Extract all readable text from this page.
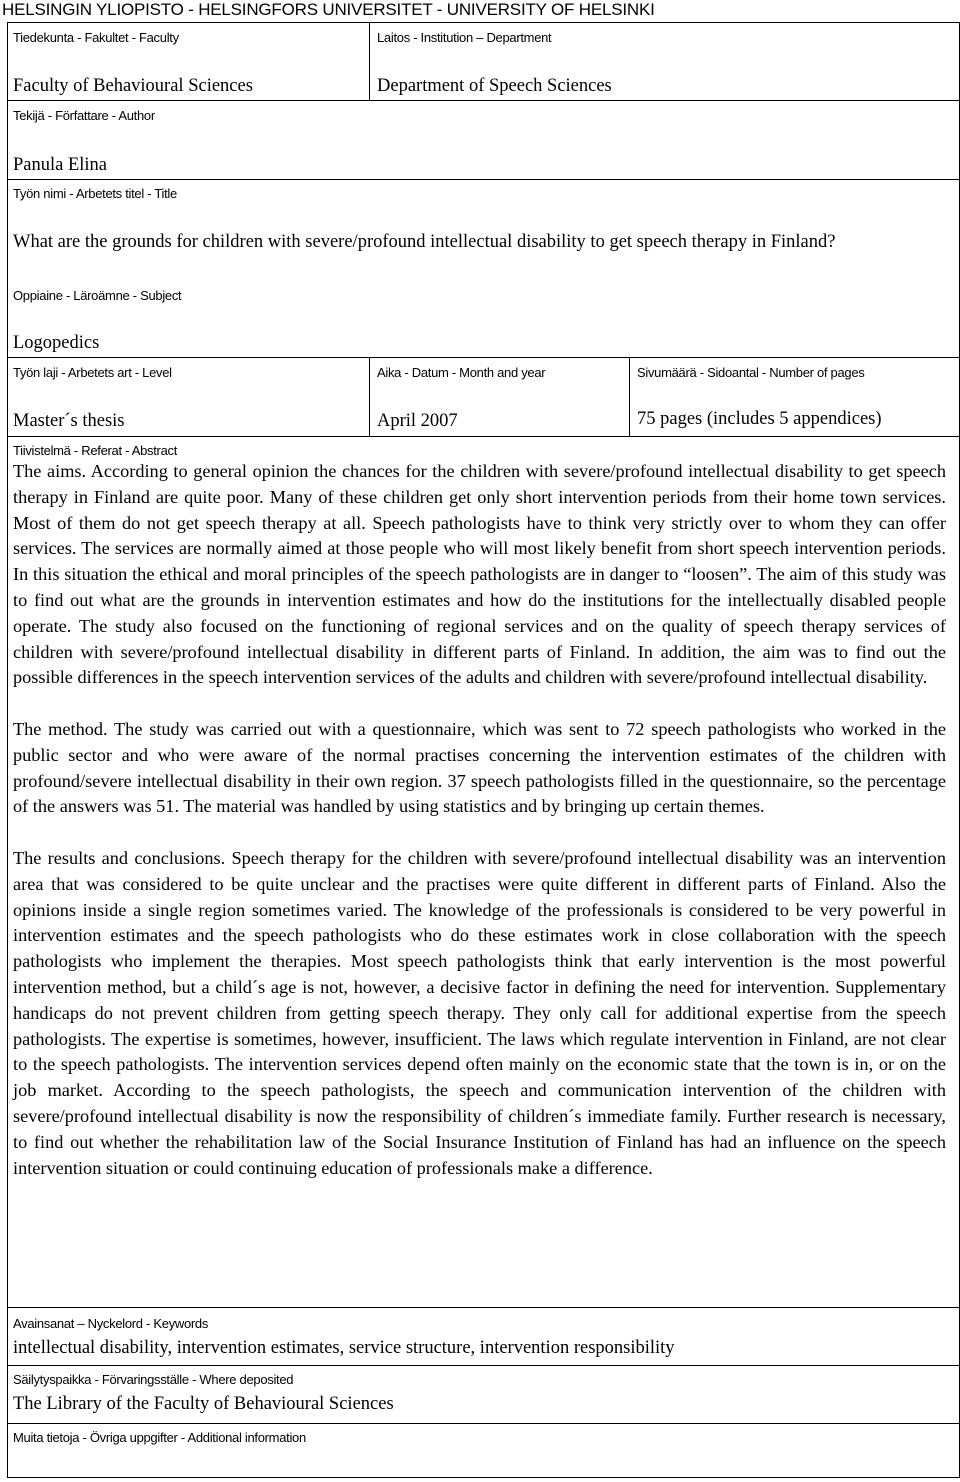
HELSINGIN YLIOPISTO - HELSINGFORS UNIVERSITET - UNIVERSITY OF HELSINKI
Tiedekunta - Fakultet - Faculty
Faculty of Behavioural Sciences
Laitos - Institution – Department
Department of Speech Sciences
Tekijä - Författare - Author
Panula Elina
Työn nimi - Arbetets titel - Title
What are the grounds for children with severe/profound intellectual disability to get speech therapy in Finland?
Oppiaine - Läroämne - Subject
Logopedics
Työn laji - Arbetets art - Level
Master´s thesis
Aika - Datum - Month and year
April 2007
Sivumäärä - Sidoantal - Number of pages
75 pages (includes 5 appendices)
Tiivistelmä - Referat - Abstract

The aims. According to general opinion the chances for the children with severe/profound intellectual disability to get speech therapy in Finland are quite poor. Many of these children get only short intervention periods from their home town services. Most of them do not get speech therapy at all. Speech pathologists have to think very strictly over to whom they can offer services. The services are normally aimed at those people who will most likely benefit from short speech intervention periods. In this situation the ethical and moral principles of the speech pathologists are in danger to “loosen”. The aim of this study was to find out what are the grounds in intervention estimates and how do the institutions for the intellectually disabled people operate. The study also focused on the functioning of regional services and on the quality of speech therapy services of children with severe/profound intellectual disability in different parts of Finland. In addition, the aim was to find out the possible differences in the speech intervention services of the adults and children with severe/profound intellectual disability.

The method. The study was carried out with a questionnaire, which was sent to 72 speech pathologists who worked in the public sector and who were aware of the normal practises concerning the intervention estimates of the children with profound/severe intellectual disability in their own region. 37 speech pathologists filled in the questionnaire, so the percentage of the answers was 51. The material was handled by using statistics and by bringing up certain themes.

The results and conclusions. Speech therapy for the children with severe/profound intellectual disability was an intervention area that was considered to be quite unclear and the practises were quite different in different parts of Finland. Also the opinions inside a single region sometimes varied. The knowledge of the professionals is considered to be very powerful in intervention estimates and the speech pathologists who do these estimates work in close collaboration with the speech pathologists who implement the therapies. Most speech pathologists think that early intervention is the most powerful intervention method, but a child´s age is not, however, a decisive factor in defining the need for intervention. Supplementary handicaps do not prevent children from getting speech therapy. They only call for additional expertise from the speech pathologists. The expertise is sometimes, however, insufficient. The laws which regulate intervention in Finland, are not clear to the speech pathologists. The intervention services depend often mainly on the economic state that the town is in, or on the job market. According to the speech pathologists, the speech and communication intervention of the children with severe/profound intellectual disability is now the responsibility of children´s immediate family. Further research is necessary, to find out whether the rehabilitation law of the Social Insurance Institution of Finland has had an influence on the speech intervention situation or could continuing education of professionals make a difference.

Avainsanat – Nyckelord - Keywords
intellectual disability, intervention estimates, service structure, intervention responsibility
Säilytyspaikka - Förvaringsställe - Where deposited
The Library of the Faculty of Behavioural Sciences
Muita tietoja - Övriga uppgifter - Additional information
